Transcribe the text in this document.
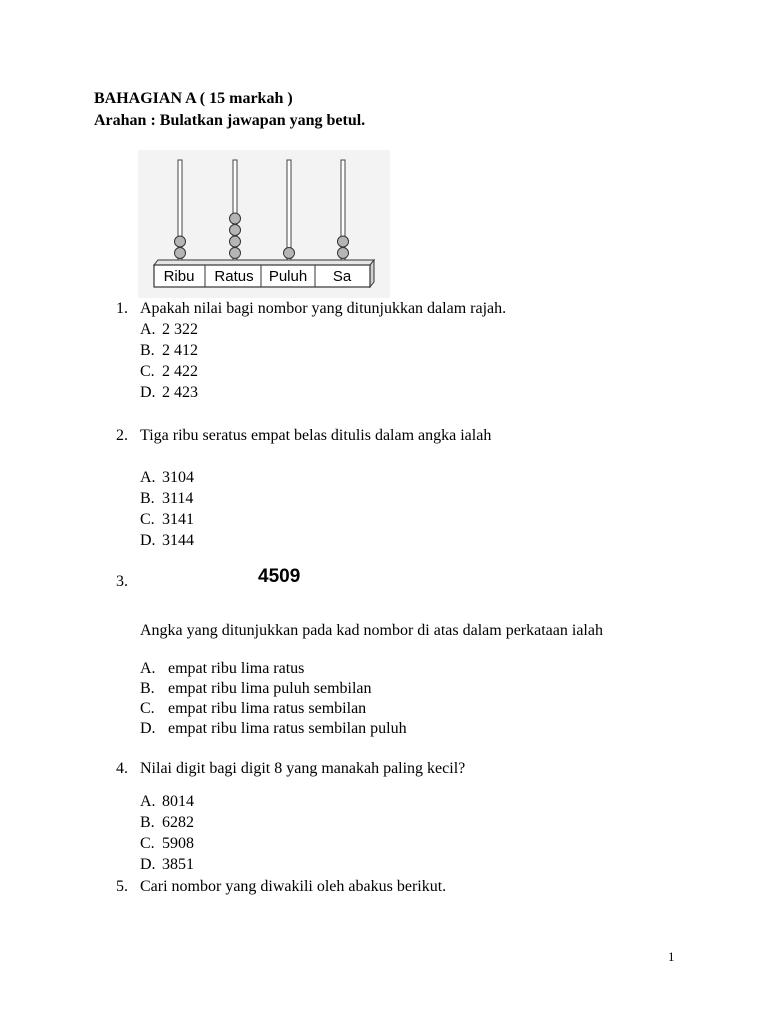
BAHAGIAN A ( 15 markah )
Arahan : Bulatkan jawapan yang betul.
Ribu Ratus Puluh Sa
1. Apakah nilai bagi nombor yang ditunjukkan dalam rajah.
A. 2 322
B. 2 412
C. 2 422
D. 2 423
2. Tiga ribu seratus empat belas ditulis dalam angka ialah
A. 3104
B. 3114
C. 3141
D. 3144
3.	4509
Angka yang ditunjukkan pada kad nombor di atas dalam perkataan ialah
A. empat ribu lima ratus
B. empat ribu lima puluh sembilan
C. empat ribu lima ratus sembilan
D. empat ribu lima ratus sembilan puluh
4. Nilai digit bagi digit 8 yang manakah paling kecil?
A. 8014
B. 6282
C. 5908
D. 3851
5. Cari nombor yang diwakili oleh abakus berikut.
1
